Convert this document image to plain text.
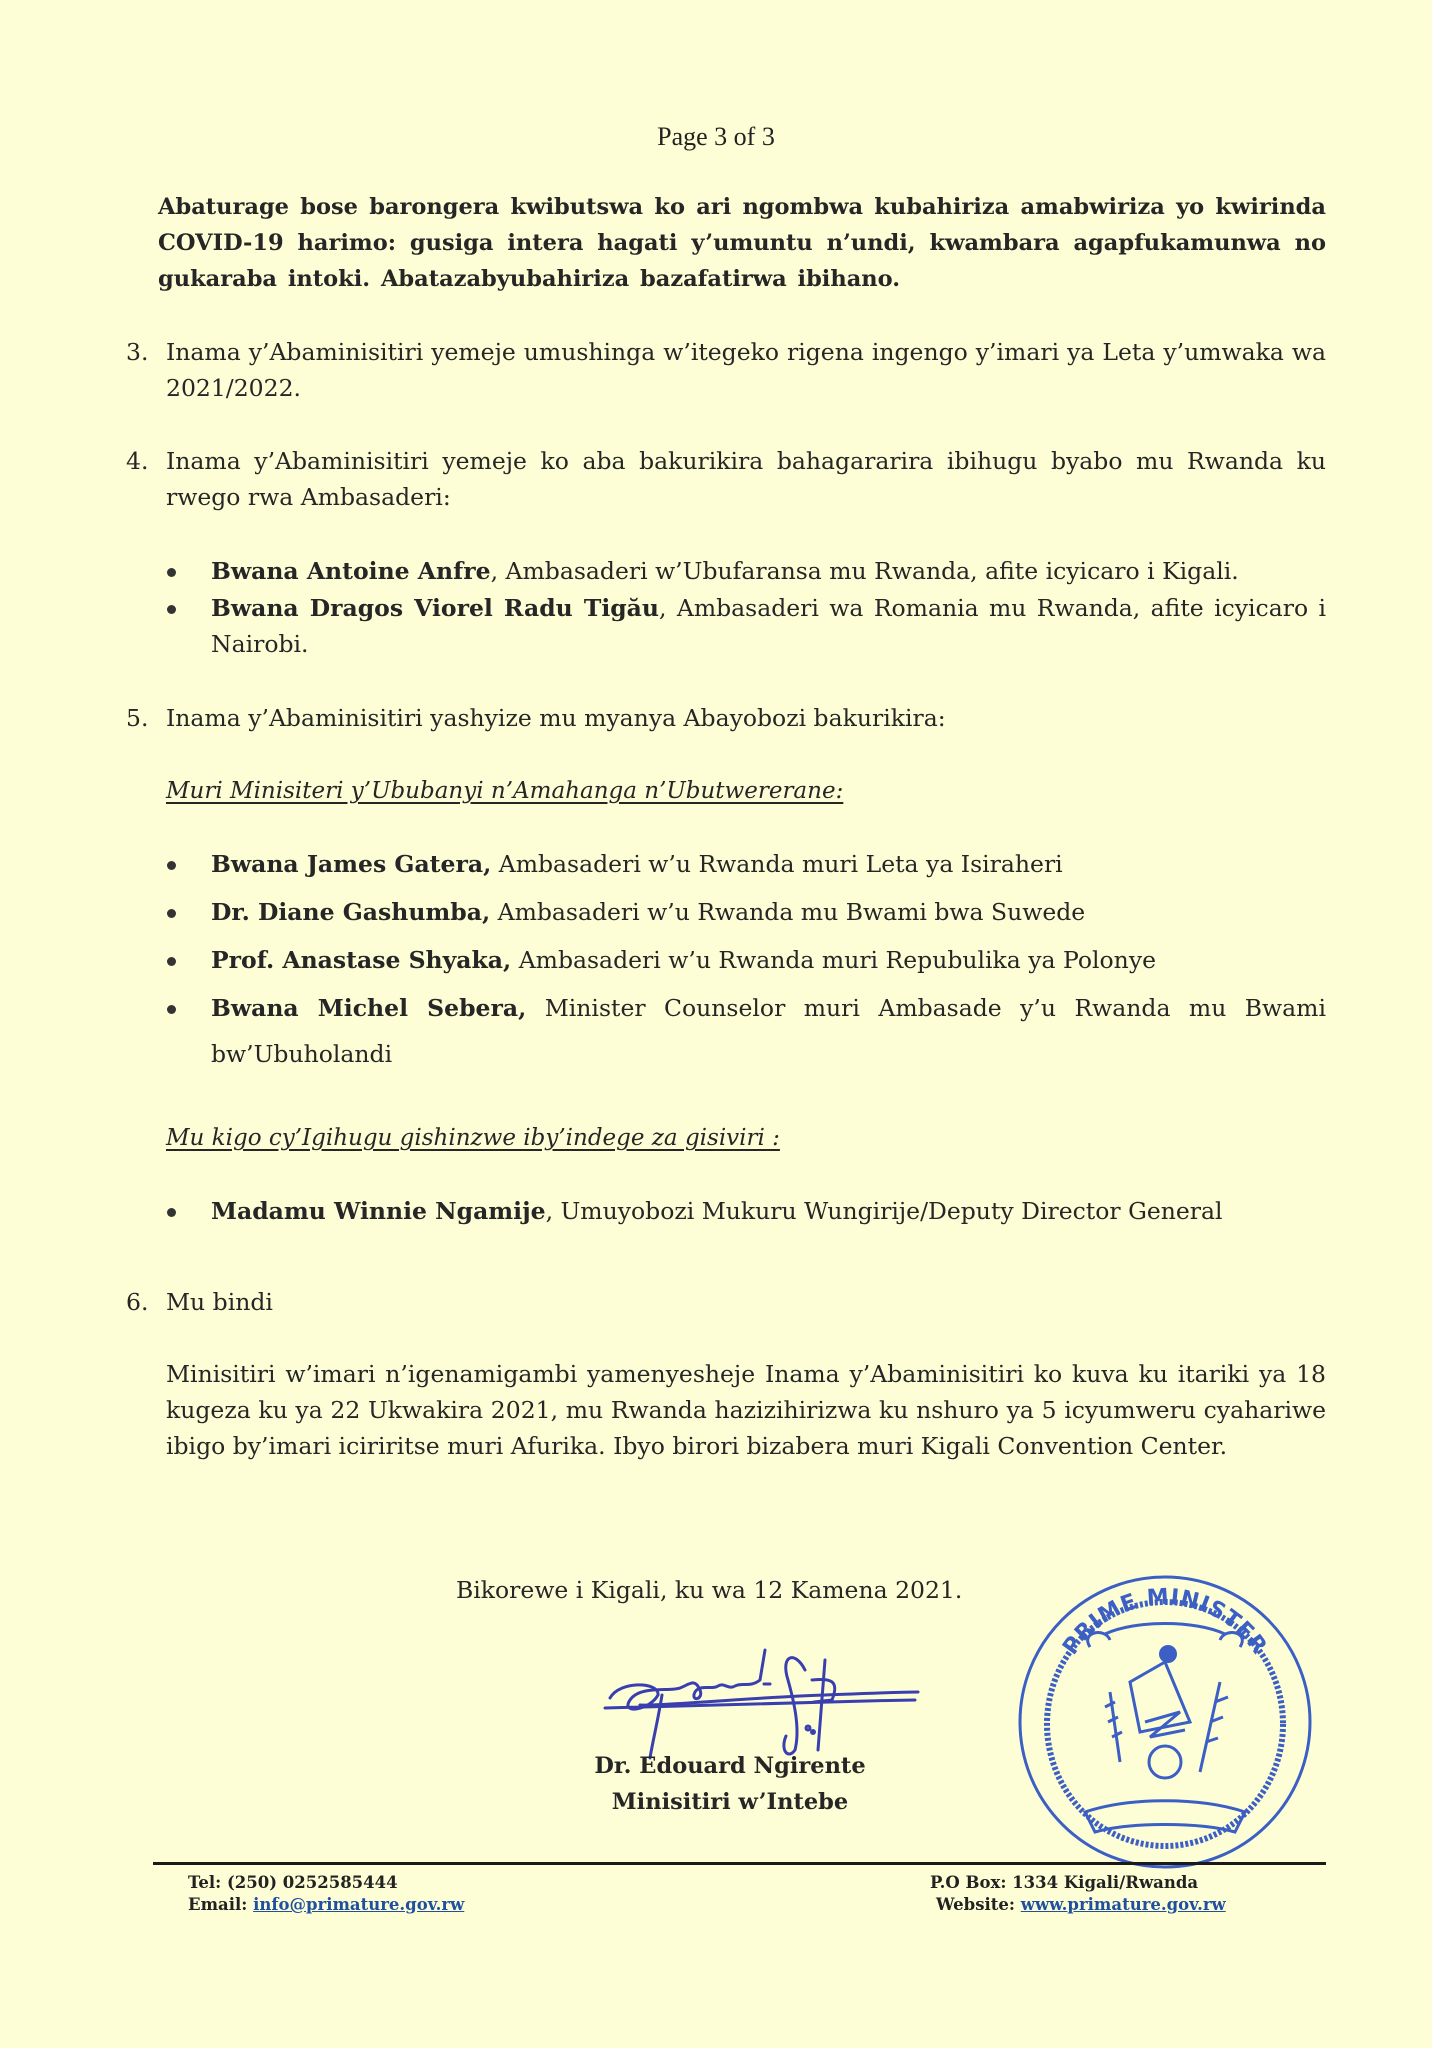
Page 3 of 3
Abaturage bose barongera kwibutswa ko ari ngombwa kubahiriza amabwiriza yo kwirinda COVID-19 harimo: gusiga intera hagati y’umuntu n’undi, kwambara agapfukamunwa no gukaraba intoki. Abatazabyubahiriza bazafatirwa ibihano.
3. Inama y’Abaminisitiri yemeje umushinga w’itegeko rigena ingengo y’imari ya Leta y’umwaka wa 2021/2022.
4. Inama y’Abaminisitiri yemeje ko aba bakurikira bahagararira ibihugu byabo mu Rwanda ku rwego rwa Ambasaderi:
Bwana Antoine Anfre, Ambasaderi w’Ubufaransa mu Rwanda, afite icyicaro i Kigali.
Bwana Dragos Viorel Radu Tigău, Ambasaderi wa Romania mu Rwanda, afite icyicaro i Nairobi.
5. Inama y’Abaminisitiri yashyize mu myanya Abayobozi bakurikira:
Muri Minisiteri y’Ububanyi n’Amahanga n’Ubutwererane:
Bwana James Gatera, Ambasaderi w’u Rwanda muri Leta ya Isiraheri
Dr. Diane Gashumba, Ambasaderi w’u Rwanda mu Bwami bwa Suwede
Prof. Anastase Shyaka, Ambasaderi w’u Rwanda muri Repubulika ya Polonye
Bwana Michel Sebera, Minister Counselor muri Ambasade y’u Rwanda mu Bwami bw’Ubuholandi
Mu kigo cy’Igihugu gishinzwe iby’indege za gisiviri :
Madamu Winnie Ngamije, Umuyobozi Mukuru Wungirije/Deputy Director General
6. Mu bindi
Minisitiri w’imari n’igenamigambi yamenyesheje Inama y’Abaminisitiri ko kuva ku itariki ya 18 kugeza ku ya 22 Ukwakira 2021, mu Rwanda hazizihirizwa ku nshuro ya 5 icyumweru cyahariwe ibigo by’imari iciriritse muri Afurika. Ibyo birori bizabera muri Kigali Convention Center.
Bikorewe i Kigali, ku wa 12 Kamena 2021.
Dr. Edouard Ngirente
Minisitiri w’Intebe
PRIME MINISTER
Tel: (250) 0252585444
Email: info@primature.gov.rw
P.O Box: 1334 Kigali/Rwanda
Website: www.primature.gov.rw
